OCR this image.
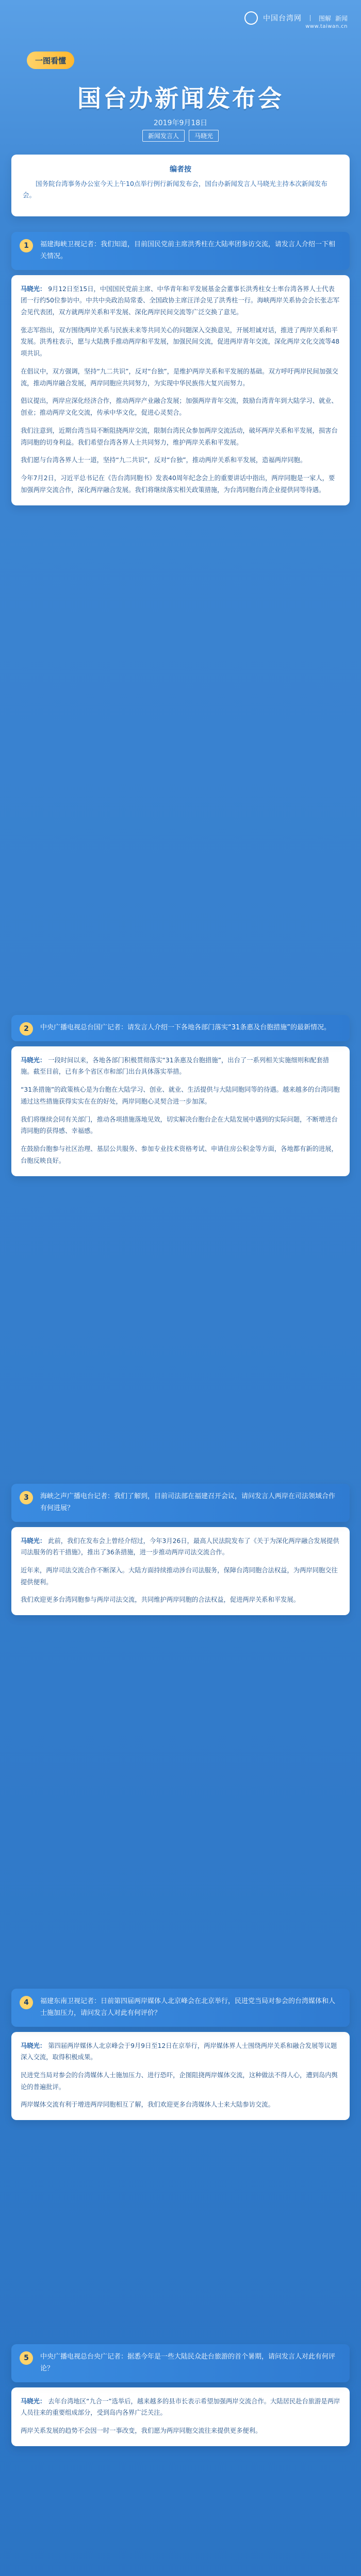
中国台湾网	图解 新闻
www.taiwan.cn
一图看懂
国台办新闻发布会
2019年9月18日
新闻发言人	马晓光
编者按
国务院台湾事务办公室今天上午10点举行例行新闻发布会，国台办新闻发言人马晓光主持本次新闻发布会。
1	福建海峡卫视记者：我们知道，目前国民党前主席洪秀柱在大陆率团参访交流，请发言人介绍一下相关情况。

马晓光： 9月12日至15日，中国国民党前主席、中华青年和平发展基金会董事长洪秀柱女士率台湾各界人士代表团一行约50位参访中。中共中央政治局常委、全国政协主席汪洋会见了洪秀柱一行。海峡两岸关系协会会长张志军会见代表团，双方就两岸关系和平发展、深化两岸民间交流等广泛交换了意见。

张志军指出，双方围绕两岸关系与民族未来等共同关心的问题深入交换意见，开展坦诚对话，推进了两岸关系和平发展。洪秀柱表示，愿与大陆携手推动两岸和平发展，加强民间交流，促进两岸青年交流，深化两岸文化交流等48项共识。

在倡议中，双方强调，坚持“九二共识”，反对“台独”，是维护两岸关系和平发展的基础。双方呼吁两岸民间加强交流，推动两岸融合发展，两岸同胞应共同努力，为实现中华民族伟大复兴而努力。

倡议提出，两岸应深化经济合作，推动两岸产业融合发展；加强两岸青年交流，鼓励台湾青年到大陆学习、就业、创业；推动两岸文化交流，传承中华文化，促进心灵契合。

我们注意到，近期台湾当局不断阻挠两岸交流，限制台湾民众参加两岸交流活动，破坏两岸关系和平发展，损害台湾同胞的切身利益。我们希望台湾各界人士共同努力，维护两岸关系和平发展。

我们愿与台湾各界人士一道，坚持“九二共识”，反对“台独”，推动两岸关系和平发展，造福两岸同胞。

今年7月2日，习近平总书记在《告台湾同胞书》发表40周年纪念会上的重要讲话中指出，两岸同胞是一家人，要加强两岸交流合作，深化两岸融合发展。我们将继续落实相关政策措施，为台湾同胞台湾企业提供同等待遇。

2	中央广播电视总台国广记者：请发言人介绍一下各地各部门落实“31条惠及台胞措施”的最新情况。

马晓光： 一段时间以来，各地各部门积极贯彻落实“31条惠及台胞措施”，出台了一系列相关实施细则和配套措施。截至目前，已有多个省区市和部门出台具体落实举措。

“31条措施”的政策核心是为台胞在大陆学习、创业、就业、生活提供与大陆同胞同等的待遇。越来越多的台湾同胞通过这些措施获得实实在在的好处，两岸同胞心灵契合进一步加深。

我们将继续会同有关部门，推动各项措施落地见效，切实解决台胞台企在大陆发展中遇到的实际问题，不断增进台湾同胞的获得感、幸福感。

在鼓励台胞参与社区治理、基层公共服务、参加专业技术资格考试、申请住房公积金等方面，各地都有新的进展，台胞反映良好。

3	海峡之声广播电台记者：我们了解到，目前司法部在福建召开会议，请问发言人两岸在司法领域合作有何进展？

马晓光： 此前，我们在发布会上曾经介绍过，今年3月26日，最高人民法院发布了《关于为深化两岸融合发展提供司法服务的若干措施》，推出了36条措施，进一步推动两岸司法交流合作。

近年来，两岸司法交流合作不断深入。大陆方面持续推动涉台司法服务，保障台湾同胞合法权益，为两岸同胞交往提供便利。

我们欢迎更多台湾同胞参与两岸司法交流，共同维护两岸同胞的合法权益，促进两岸关系和平发展。

4	福建东南卫视记者：日前第四届两岸媒体人北京峰会在北京举行，民进党当局对参会的台湾媒体和人士施加压力，请问发言人对此有何评价？

马晓光： 第四届两岸媒体人北京峰会于9月9日至12日在京举行，两岸媒体界人士围绕两岸关系和融合发展等议题深入交流，取得积极成果。

民进党当局对参会的台湾媒体人士施加压力、进行恐吓，企图阻挠两岸媒体交流，这种做法不得人心，遭到岛内舆论的普遍批评。

两岸媒体交流有利于增进两岸同胞相互了解，我们欢迎更多台湾媒体人士来大陆参访交流。

5	中央广播电视总台央广记者：据悉今年是一些大陆民众赴台旅游的首个暑期，请问发言人对此有何评论？

马晓光： 去年台湾地区“九合一”选举后，越来越多的县市长表示希望加强两岸交流合作。大陆居民赴台旅游是两岸人员往来的重要组成部分，受到岛内各界广泛关注。

两岸关系发展的趋势不会因一时一事改变，我们愿为两岸同胞交流往来提供更多便利。
